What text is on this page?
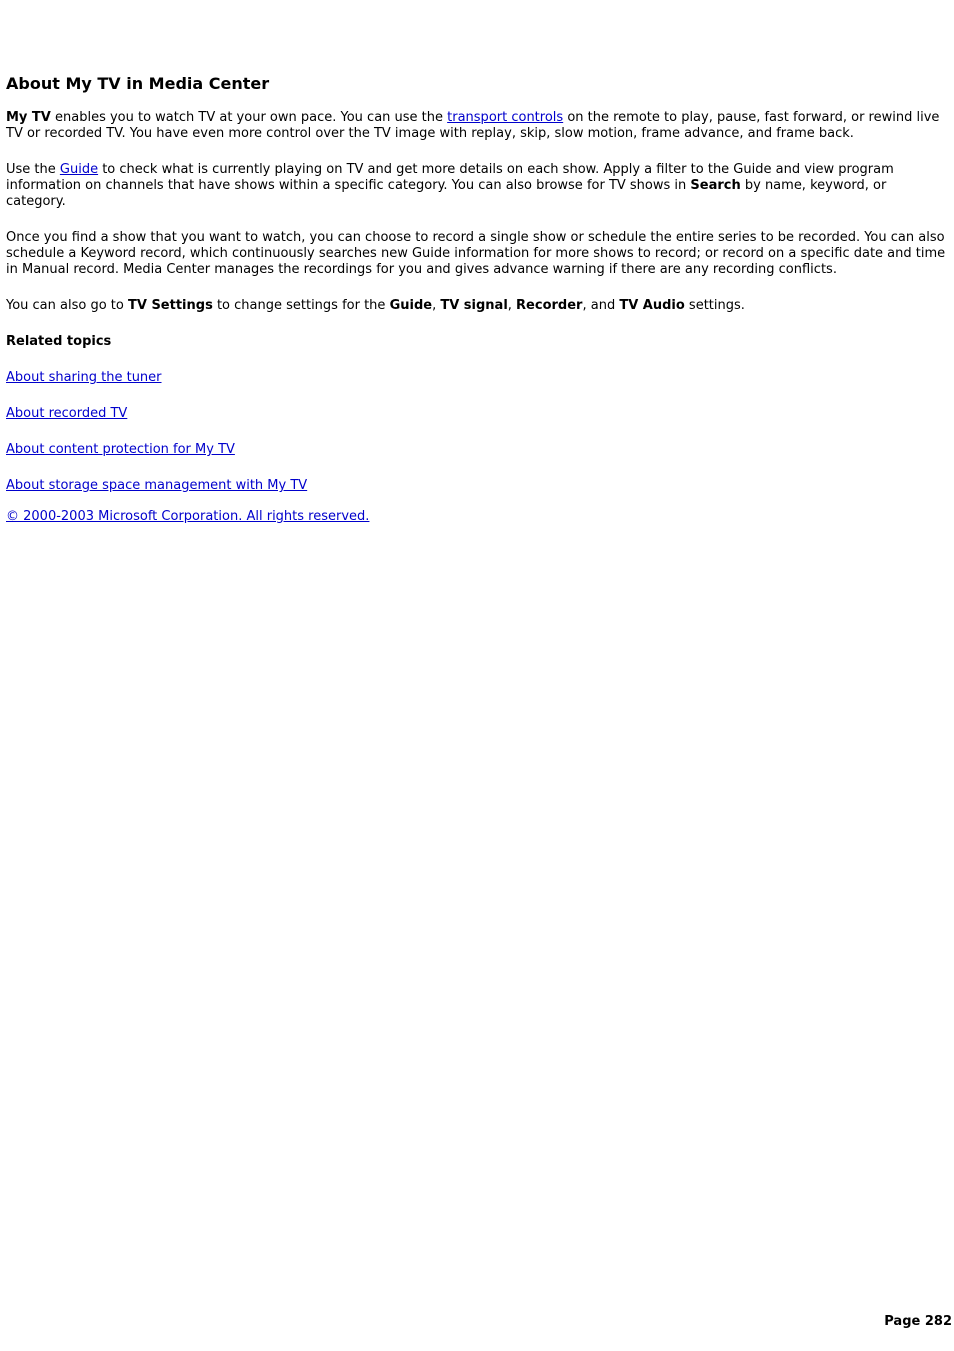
About My TV in Media Center

My TV enables you to watch TV at your own pace. You can use the transport controls on the remote to play, pause, fast forward, or rewind live TV or recorded TV. You have even more control over the TV image with replay, skip, slow motion, frame advance, and frame back.

Use the Guide to check what is currently playing on TV and get more details on each show. Apply a filter to the Guide and view program information on channels that have shows within a specific category. You can also browse for TV shows in Search by name, keyword, or category.

Once you find a show that you want to watch, you can choose to record a single show or schedule the entire series to be recorded. You can also schedule a Keyword record, which continuously searches new Guide information for more shows to record; or record on a specific date and time in Manual record. Media Center manages the recordings for you and gives advance warning if there are any recording conflicts.

You can also go to TV Settings to change settings for the Guide, TV signal, Recorder, and TV Audio settings.

Related topics
About sharing the tuner
About recorded TV
About content protection for My TV
About storage space management with My TV
© 2000-2003 Microsoft Corporation. All rights reserved.
Page 282
